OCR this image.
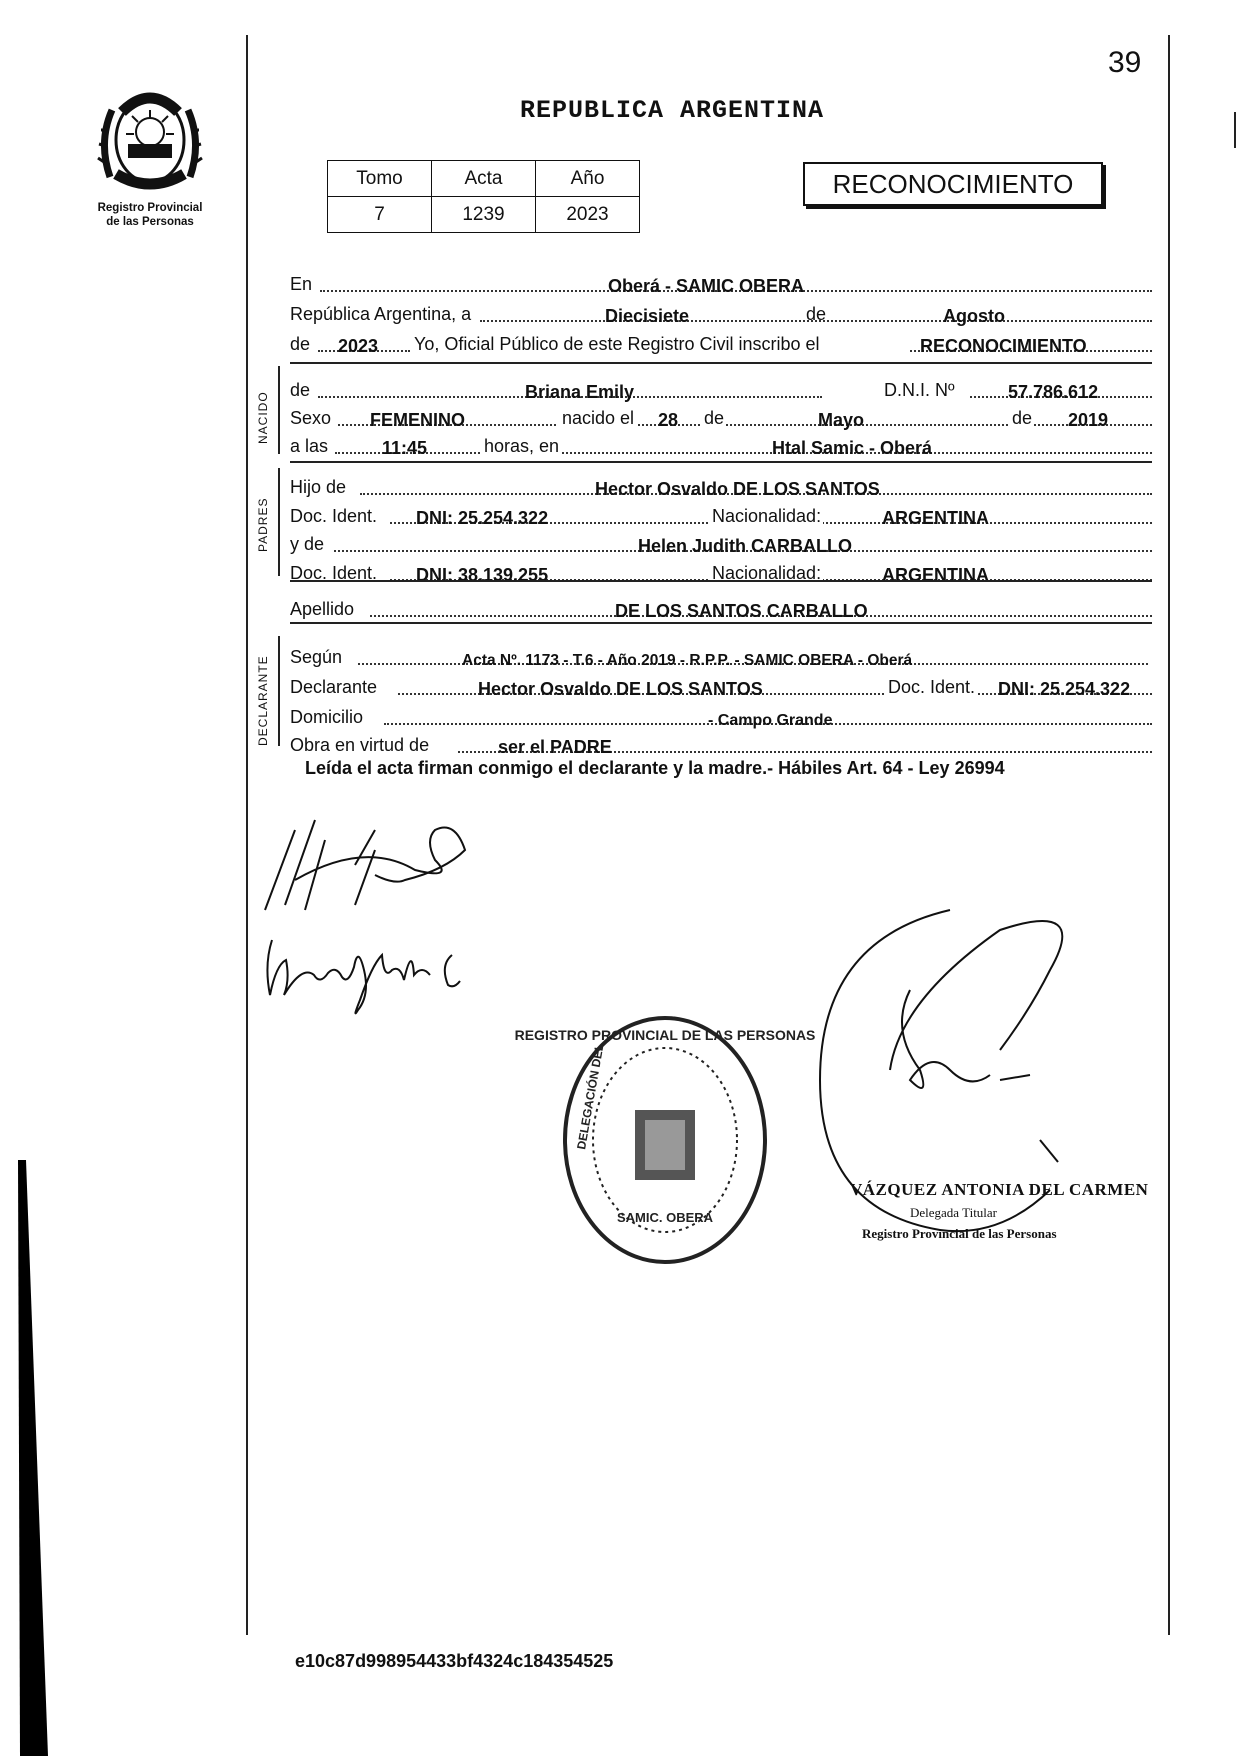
39
REPUBLICA ARGENTINA
Registro Provincial
de las Personas
Tomo	Acta	Año
7	1239	2023
RECONOCIMIENTO
En	Oberá - SAMIC OBERA
República Argentina, a	Diecisiete	de	Agosto
de 2023 Yo, Oficial Público de este Registro Civil inscribo el	RECONOCIMIENTO
NACIDO
de	Briana Emily	D.N.I. Nº	57.786.612
Sexo FEMENINO	nacido el 28 de	Mayo	de 2019
a las	11:45	horas, en	Htal Samic - Oberá
PADRES
Hijo de	Hector Osvaldo DE LOS SANTOS
Doc. Ident. DNI: 25.254.322	Nacionalidad:	ARGENTINA
y de	Helen Judith CARBALLO
Doc. Ident. DNI: 38.139.255	Nacionalidad:	ARGENTINA
Apellido	DE LOS SANTOS CARBALLO
DECLARANTE Según	Acta Nº. 1173 - T.6 - Año 2019 - R.P.P. - SAMIC OBERA - Oberá
Declarante	Hector Osvaldo DE LOS SANTOS	Doc. Ident. DNI: 25.254.322
Domicilio	- Campo Grande
Obra en virtud de	ser el PADRE
Leída el acta firman conmigo el declarante y la madre.- Hábiles Art. 64 - Ley 26994
REGISTRO PROVINCIAL DE LAS PERSONAS
DELEGACIÓN DEL
SAMIC. OBERA
VÁZQUEZ ANTONIA DEL CARMEN
Delegada Titular
Registro Provincial de las Personas
e10c87d998954433bf4324c184354525
